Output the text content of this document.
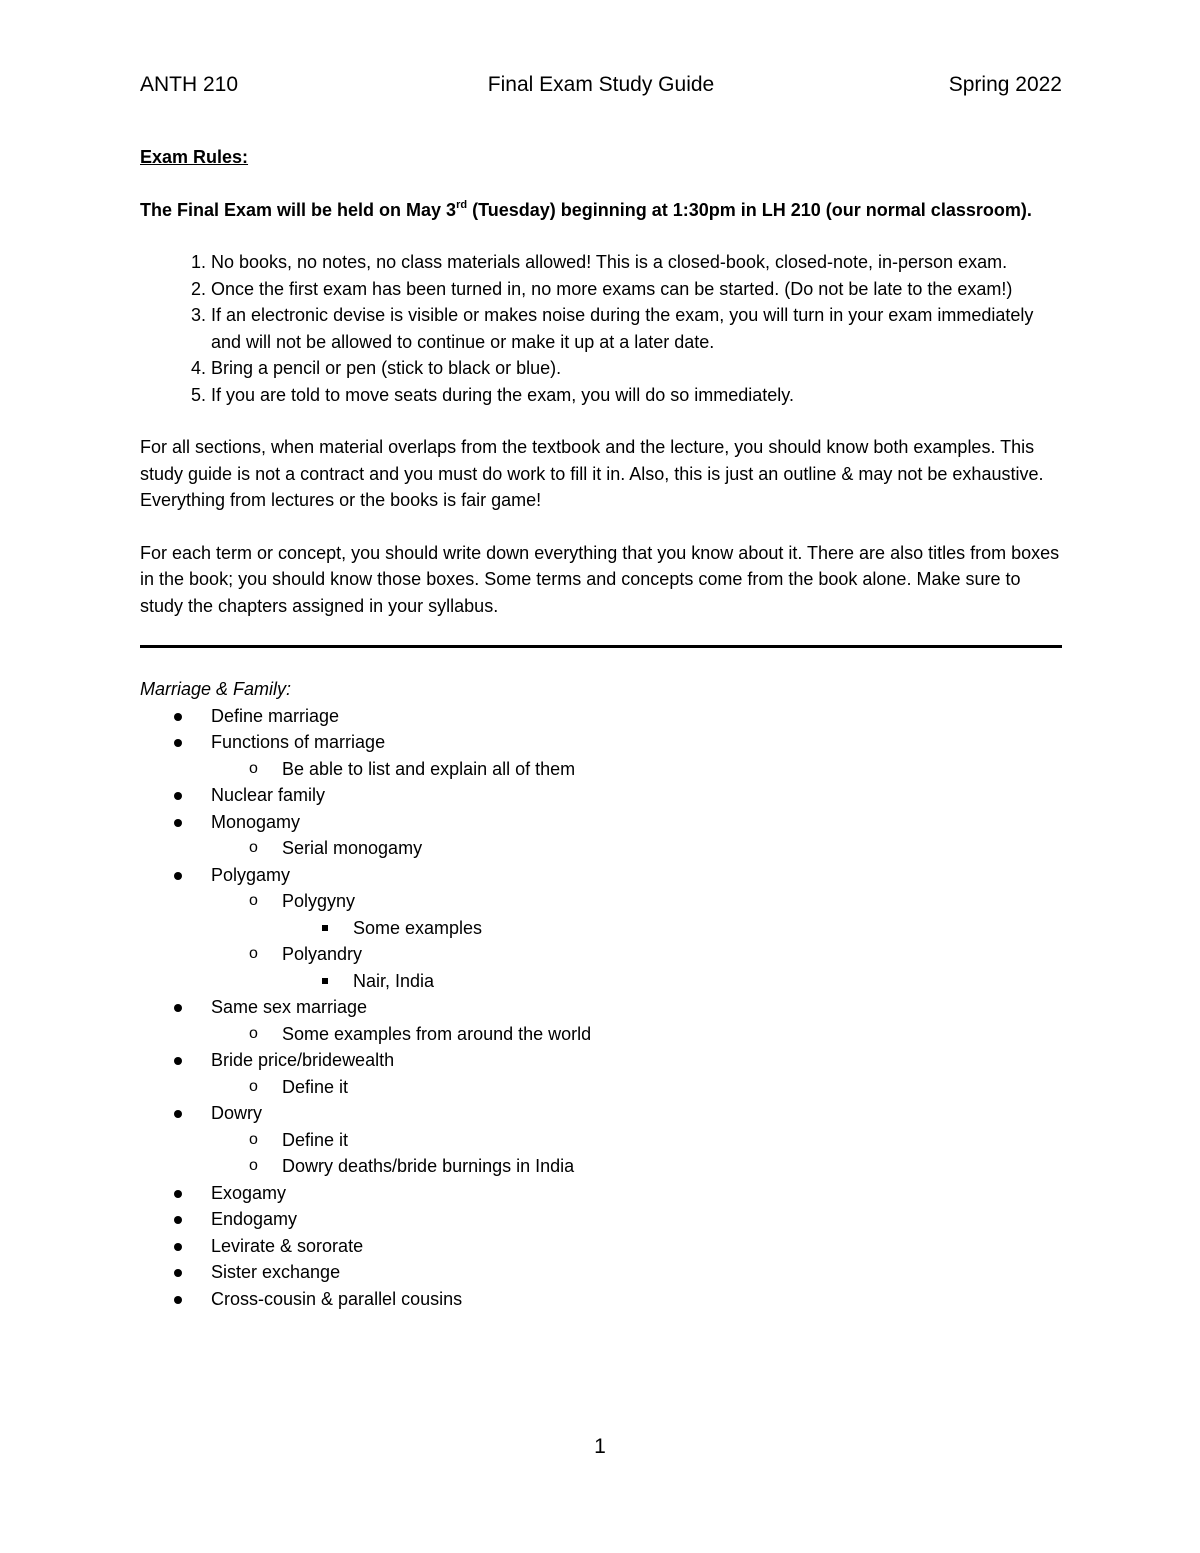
ANTH 210	Final Exam Study Guide	Spring 2022

Exam Rules:

The Final Exam will be held on May 3rd (Tuesday) beginning at 1:30pm in LH 210 (our normal classroom).

1. No books, no notes, no class materials allowed! This is a closed-book, closed-note, in-person exam.
2. Once the first exam has been turned in, no more exams can be started. (Do not be late to the exam!)
3. If an electronic devise is visible or makes noise during the exam, you will turn in your exam immediately and will not be allowed to continue or make it up at a later date.
4. Bring a pencil or pen (stick to black or blue).
5. If you are told to move seats during the exam, you will do so immediately.

For all sections, when material overlaps from the textbook and the lecture, you should know both examples. This study guide is not a contract and you must do work to fill it in. Also, this is just an outline & may not be exhaustive. Everything from lectures or the books is fair game!

For each term or concept, you should write down everything that you know about it. There are also titles from boxes in the book; you should know those boxes. Some terms and concepts come from the book alone. Make sure to study the chapters assigned in your syllabus.

Marriage & Family:

Define marriage
Functions of marriage
o Be able to list and explain all of them
Nuclear family
Monogamy
o Serial monogamy
Polygamy
o Polygyny
Some examples
o Polyandry
Nair, India
Same sex marriage
o Some examples from around the world
Bride price/bridewealth
o Define it
Dowry
o Define it
o Dowry deaths/bride burnings in India
Exogamy
Endogamy
Levirate & sororate
Sister exchange
Cross-cousin & parallel cousins
1
